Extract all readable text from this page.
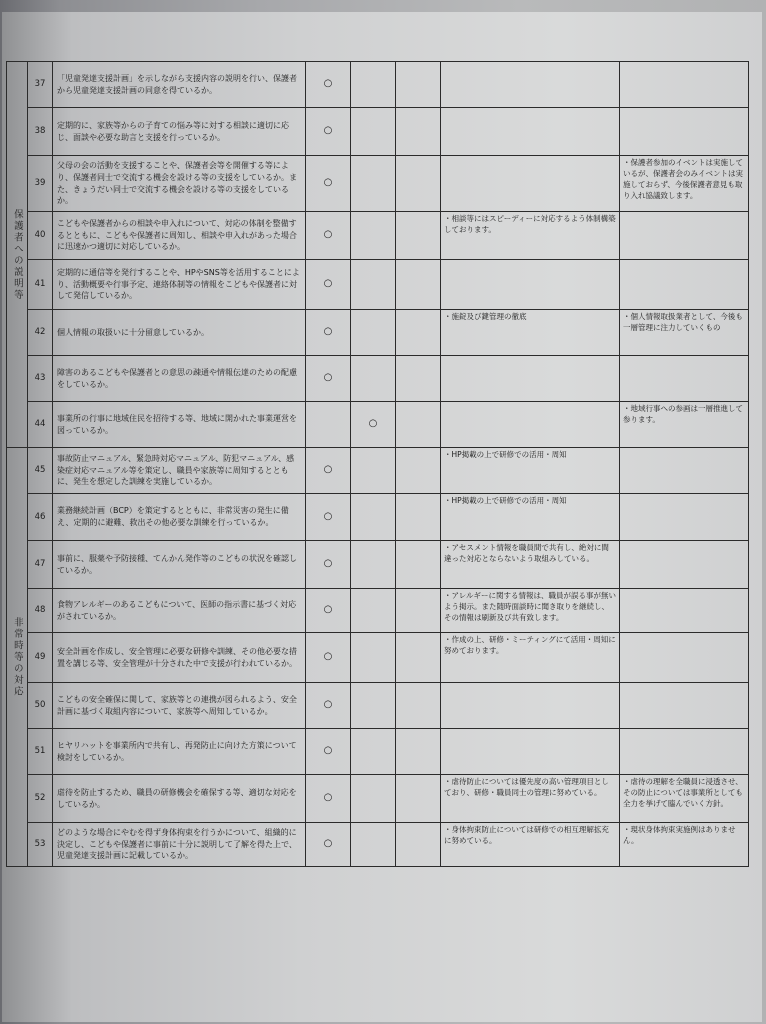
保護者への説明等	37	「児童発達支援計画」を示しながら支援内容の説明を行い、保護者から児童発達支援計画の同意を得ているか。	○				
	38	定期的に、家族等からの子育ての悩み等に対する相談に適切に応じ、面談や必要な助言と支援を行っているか。	○				
	39	父母の会の活動を支援することや、保護者会等を開催する等により、保護者同士で交流する機会を設ける等の支援をしているか。また、きょうだい同士で交流する機会を設ける等の支援をしているか。	○				・保護者参加のイベントは実施しているが、保護者会のみイベントは実施しておらず、今後保護者意見も取り入れ協議致します。
	40	こどもや保護者からの相談や申入れについて、対応の体制を整備するとともに、こどもや保護者に周知し、相談や申入れがあった場合に迅速かつ適切に対応しているか。	○			・相談等にはスピーディーに対応するよう体制構築しております。	
	41	定期的に通信等を発行することや、HPやSNS等を活用することにより、活動概要や行事予定、連絡体制等の情報をこどもや保護者に対して発信しているか。	○				
	42	個人情報の取扱いに十分留意しているか。	○			・施錠及び鍵管理の徹底	・個人情報取扱業者として、今後も一層管理に注力していくもの
	43	障害のあるこどもや保護者との意思の疎通や情報伝達のための配慮をしているか。	○				
	44	事業所の行事に地域住民を招待する等、地域に開かれた事業運営を図っているか。		○			・地域行事への参画は一層推進して参ります。
非常時等の対応	45	事故防止マニュアル、緊急時対応マニュアル、防犯マニュアル、感染症対応マニュアル等を策定し、職員や家族等に周知するとともに、発生を想定した訓練を実施しているか。	○			・HP掲載の上で研修での活用・周知	
	46	業務継続計画（BCP）を策定するとともに、非常災害の発生に備え、定期的に避難、救出その他必要な訓練を行っているか。	○			・HP掲載の上で研修での活用・周知	
	47	事前に、服薬や予防接種、てんかん発作等のこどもの状況を確認しているか。	○			・アセスメント情報を職員間で共有し、絶対に間違った対応とならないよう取組みしている。	
	48	食物アレルギーのあるこどもについて、医師の指示書に基づく対応がされているか。	○			・アレルギーに関する情報は、職員が誤る事が無いよう掲示。また随時面談時に聞き取りを継続し、その情報は刷新及び共有致します。	
	49	安全計画を作成し、安全管理に必要な研修や訓練、その他必要な措置を講じる等、安全管理が十分された中で支援が行われているか。	○			・作成の上、研修・ミーティングにて活用・周知に努めております。	
	50	こどもの安全確保に関して、家族等との連携が図られるよう、安全計画に基づく取組内容について、家族等へ周知しているか。	○				
	51	ヒヤリハットを事業所内で共有し、再発防止に向けた方策について検討をしているか。	○				
	52	虐待を防止するため、職員の研修機会を確保する等、適切な対応をしているか。	○			・虐待防止については優先度の高い管理項目としており、研修・職員同士の管理に努めている。	・虐待の理解を全職員に浸透させ、その防止については事業所としても全力を挙げて臨んでいく方針。
	53	どのような場合にやむを得ず身体拘束を行うかについて、組織的に決定し、こどもや保護者に事前に十分に説明して了解を得た上で、児童発達支援計画に記載しているか。	○			・身体拘束防止については研修での相互理解拡充に努めている。	・現状身体拘束実施例はありません。
